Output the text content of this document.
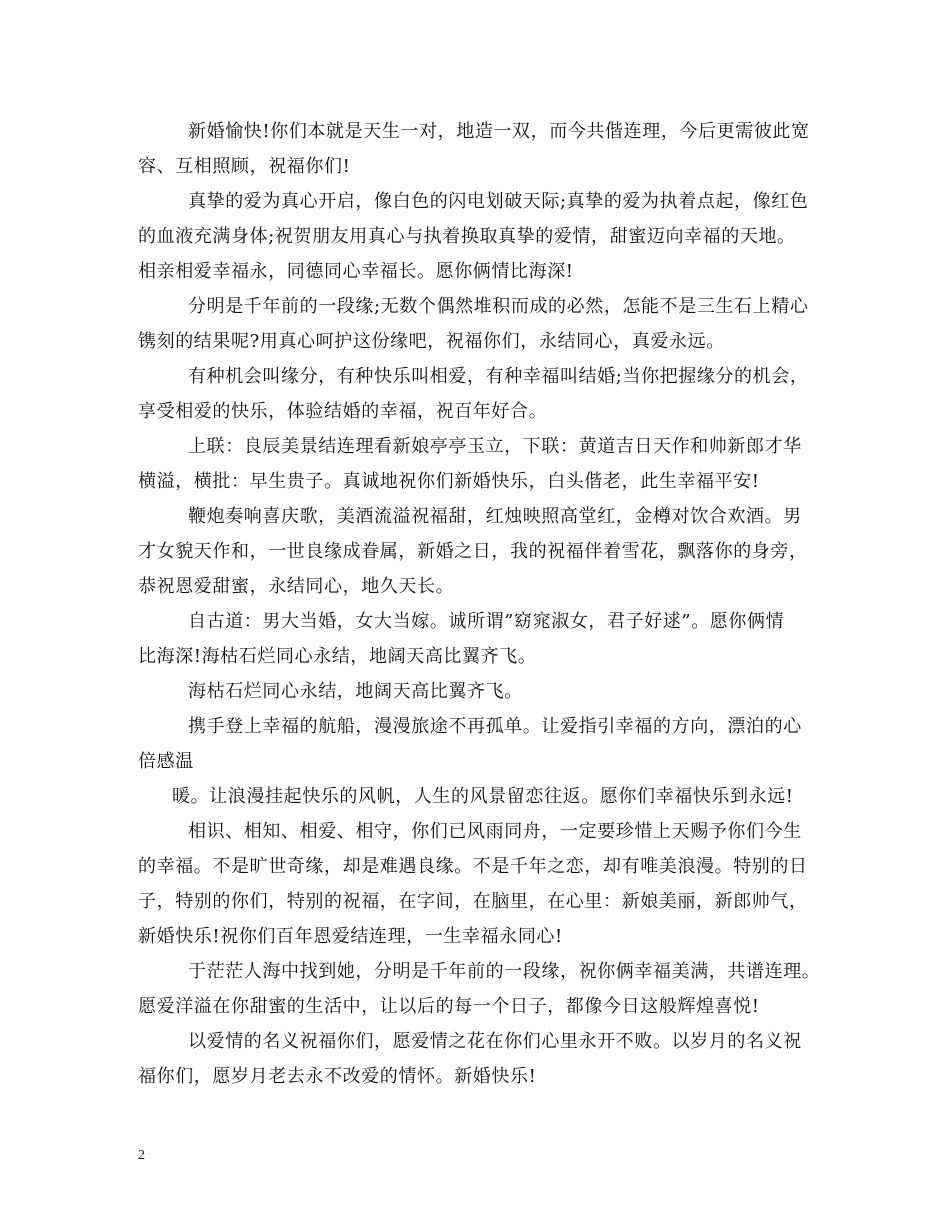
新婚愉快!你们本就是天生一对，地造一双，而今共偕连理，今后更需彼此宽
容、互相照顾，祝福你们!
真挚的爱为真心开启，像白色的闪电划破天际;真挚的爱为执着点起，像红色
的血液充满身体;祝贺朋友用真心与执着换取真挚的爱情，甜蜜迈向幸福的天地。
相亲相爱幸福永，同德同心幸福长。愿你俩情比海深!
分明是千年前的一段缘;无数个偶然堆积而成的必然，怎能不是三生石上精心
镌刻的结果呢?用真心呵护这份缘吧，祝福你们，永结同心，真爱永远。
有种机会叫缘分，有种快乐叫相爱，有种幸福叫结婚;当你把握缘分的机会，
享受相爱的快乐，体验结婚的幸福，祝百年好合。
上联：良辰美景结连理看新娘亭亭玉立，下联：黄道吉日天作和帅新郎才华
横溢，横批：早生贵子。真诚地祝你们新婚快乐，白头偕老，此生幸福平安!
鞭炮奏响喜庆歌，美酒流溢祝福甜，红烛映照高堂红，金樽对饮合欢酒。男
才女貌天作和，一世良缘成眷属，新婚之日，我的祝福伴着雪花，飘落你的身旁，
恭祝恩爱甜蜜，永结同心，地久天长。
自古道：男大当婚，女大当嫁。诚所谓”窈窕淑女，君子好逑”。愿你俩情
比海深!海枯石烂同心永结，地阔天高比翼齐飞。
海枯石烂同心永结，地阔天高比翼齐飞。
携手登上幸福的航船，漫漫旅途不再孤单。让爱指引幸福的方向，漂泊的心
倍感温
暖。让浪漫挂起快乐的风帆，人生的风景留恋往返。愿你们幸福快乐到永远!
相识、相知、相爱、相守，你们已风雨同舟，一定要珍惜上天赐予你们今生
的幸福。不是旷世奇缘，却是难遇良缘。不是千年之恋，却有唯美浪漫。特别的日
子，特别的你们，特别的祝福，在字间，在脑里，在心里：新娘美丽，新郎帅气，
新婚快乐!祝你们百年恩爱结连理，一生幸福永同心!
于茫茫人海中找到她，分明是千年前的一段缘，祝你俩幸福美满，共谱连理。
愿爱洋溢在你甜蜜的生活中，让以后的每一个日子，都像今日这般辉煌喜悦!
以爱情的名义祝福你们，愿爱情之花在你们心里永开不败。以岁月的名义祝
福你们，愿岁月老去永不改爱的情怀。新婚快乐!
2
